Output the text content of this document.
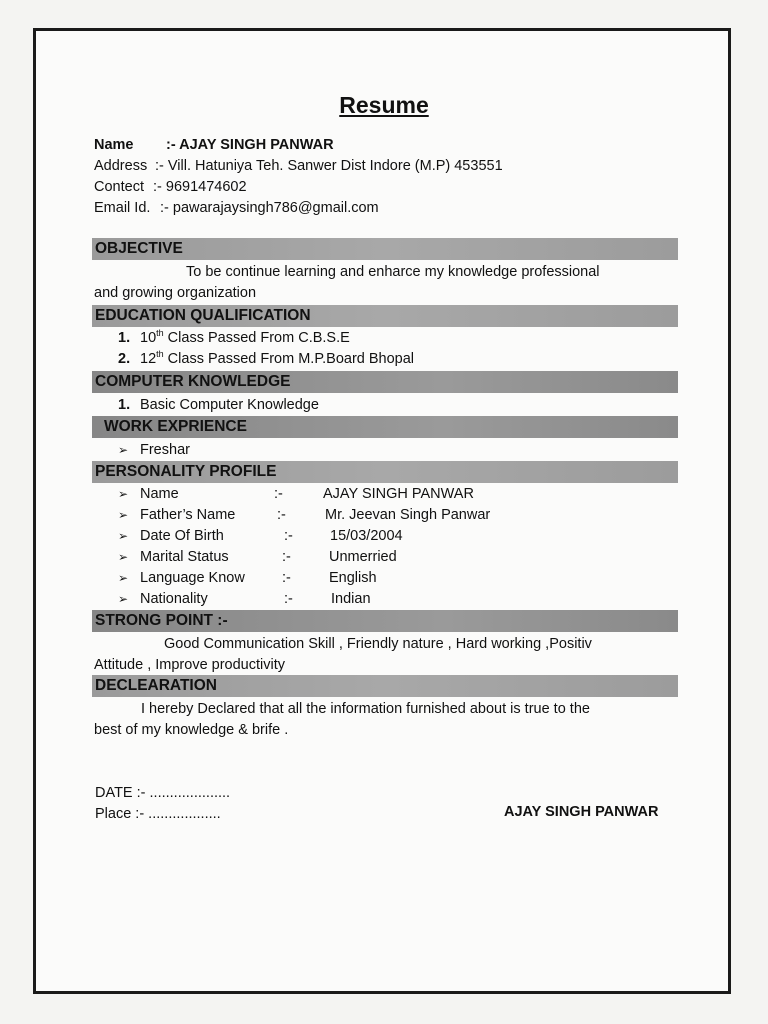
Resume
Name :- AJAY SINGH PANWAR
Address :- Vill. Hatuniya Teh. Sanwer Dist Indore (M.P) 453551
Contect :- 9691474602
Email Id. :- pawarajaysingh786@gmail.com
OBJECTIVE
To be continue learning and enharce my knowledge professional
and growing organization
EDUCATION QUALIFICATION
1. 10th Class Passed From C.B.S.E
2. 12th Class Passed From M.P.Board Bhopal
COMPUTER KNOWLEDGE
1. Basic Computer Knowledge
WORK EXPRIENCE
➢ Freshar
PERSONALITY PROFILE
➢ Name	:-	AJAY SINGH PANWAR
➢ Father’s Name	:-	Mr. Jeevan Singh Panwar
➢ Date Of Birth	:-	15/03/2004
➢ Marital Status	:-	Unmerried
➢ Language Know	:-	English
➢ Nationality	:-	Indian
STRONG POINT :-
Good Communication Skill , Friendly nature , Hard working ,Positiv
Attitude , Improve productivity
DECLEARATION
I hereby Declared that all the information furnished about is true to the
best of my knowledge & brife .
DATE :- ....................
Place :- ..................	AJAY SINGH PANWAR
